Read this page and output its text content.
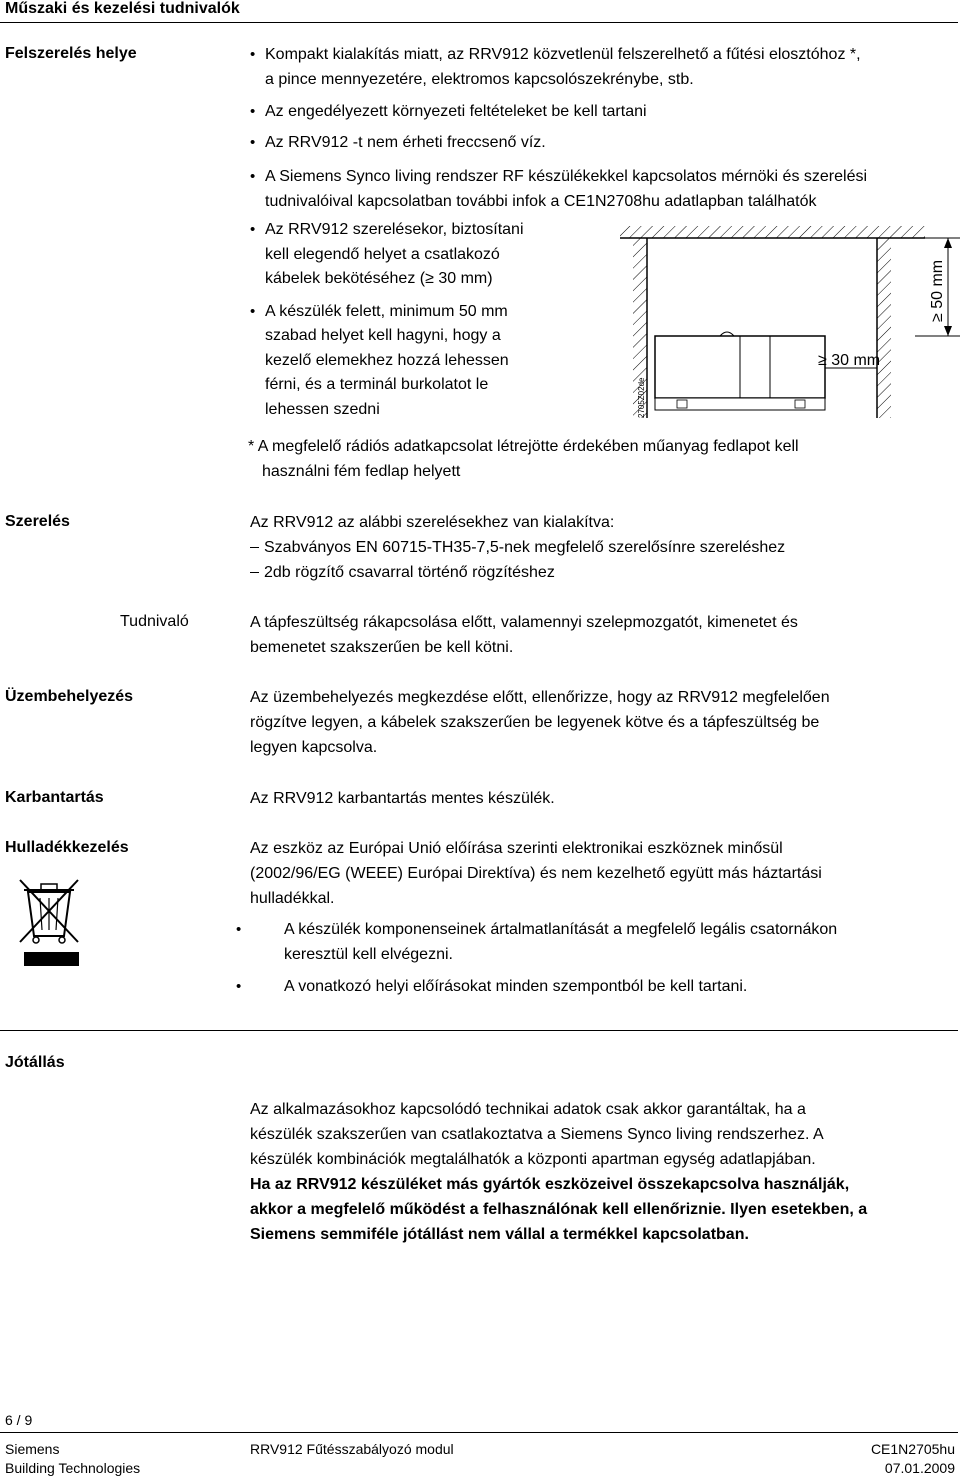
Műszaki és kezelési tudnivalók
Felszerelés helye
•	Kompakt kialakítás miatt, az RRV912 közvetlenül felszerelhető a fűtési elosztóhoz *,
a pince mennyezetére, elektromos kapcsolószekrénybe, stb.
• Az engedélyezett környezeti feltételeket be kell tartani
• Az RRV912 -t nem érheti freccsenő víz.
• A Siemens Synco living rendszer RF készülékekkel kapcsolatos mérnöki és szerelési
tudnivalóival kapcsolatban további infok a CE1N2708hu adatlapban találhatók
• Az RRV912 szerelésekor, biztosítani
kell elegendő helyet a csatlakozó
kábelek bekötéséhez (≥ 30 mm)
• A készülék felett, minimum 50 mm
szabad helyet kell hagyni, hogy a
kezelő elemekhez hozzá lehessen
férni, és a terminál burkolatot le
lehessen szedni
≥ 30 mm
≥ 50 mm
2705Z02de
* A megfelelő rádiós adatkapcsolat létrejötte érdekében műanyag fedlapot kell
használni fém fedlap helyett
Szerelés	Az RRV912 az alábbi szerelésekhez van kialakítva:
Szabványos EN 60715-TH35-7,5-nek megfelelő szerelősínre szereléshez
2db rögzítő csavarral történő rögzítéshez
Tudnivaló	A tápfeszültség rákapcsolása előtt, valamennyi szelepmozgatót, kimenetet és
bemenetet szakszerűen be kell kötni.
Üzembehelyezés	Az üzembehelyezés megkezdése előtt, ellenőrizze, hogy az RRV912 megfelelően
rögzítve legyen, a kábelek szakszerűen be legyenek kötve és a tápfeszültség be
legyen kapcsolva.
Karbantartás	Az RRV912 karbantartás mentes készülék.
Hulladékkezelés	Az eszköz az Európai Unió előírása szerinti elektronikai eszköznek minősül
(2002/96/EG (WEEE) Európai Direktíva) és nem kezelhető együtt más háztartási
hulladékkal.
• A készülék komponenseinek ártalmatlanítását a megfelelő legális csatornákon
keresztül kell elvégezni.
• A vonatkozó helyi előírásokat minden szempontból be kell tartani.
Jótállás
Az alkalmazásokhoz kapcsolódó technikai adatok csak akkor garantáltak, ha a
készülék szakszerűen van csatlakoztatva a Siemens Synco living rendszerhez. A
készülék kombinációk megtalálhatók a központi apartman egység adatlapjában.
Ha az RRV912 készüléket más gyártók eszközeivel összekapcsolva használják,
akkor a megfelelő működést a felhasználónak kell ellenőriznie. Ilyen esetekben, a
Siemens semmiféle jótállást nem vállal a termékkel kapcsolatban.
6 / 9
Siemens
Building Technologies
RRV912 Fűtésszabályozó modul	CE1N2705hu
07.01.2009
